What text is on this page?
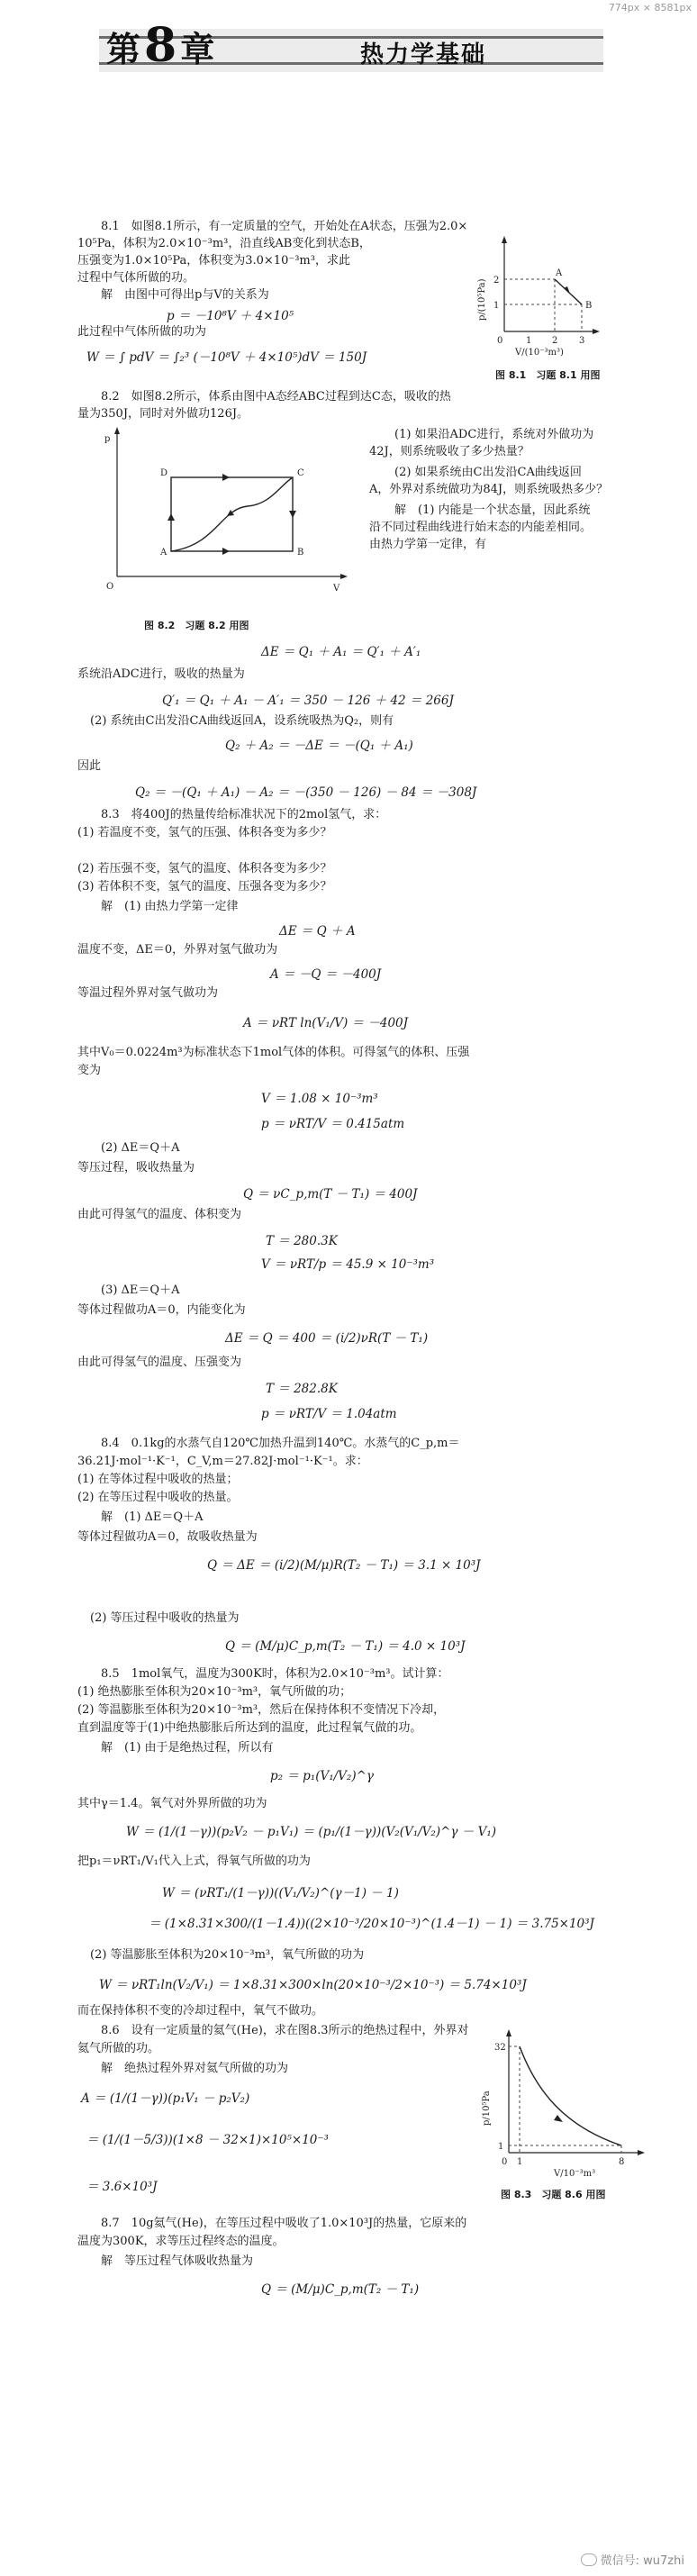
774px × 8581px
第8章	热力学基础
8.1　如图8.1所示，有一定质量的空气，开始处在A状态，压强为2.0×
10⁵Pa，体积为2.0×10⁻³m³，沿直线AB变化到状态B，
压强变为1.0×10⁵Pa，体积变为3.0×10⁻³m³，求此
过程中气体所做的功。
解　由图中可得出p与V的关系为
p ＝ －10⁸V ＋ 4×10⁵
此过程中气体所做的功为
W ＝ ∫ pdV ＝ ∫₂³ (－10⁸V ＋ 4×10⁵)dV ＝ 150J
A
B
2
1
0	1 2 3
V/(10⁻³m³)
p/(10⁵Pa)
图 8.1　习题 8.1 用图
8.2　如图8.2所示，体系由图中A态经ABC过程到达C态，吸收的热
量为350J，同时对外做功126J。
(1) 如果沿ADC进行，系统对外做功为
42J，则系统吸收了多少热量？
(2) 如果系统由C出发沿CA曲线返回
A，外界对系统做功为84J，则系统吸热多少？
解　(1) 内能是一个状态量，因此系统
沿不同过程曲线进行始末态的内能差相同。
由热力学第一定律，有
p
V
O
A	B
C
D
图 8.2　习题 8.2 用图
ΔE ＝ Q₁ ＋ A₁ ＝ Q′₁ ＋ A′₁
系统沿ADC进行，吸收的热量为
Q′₁ ＝ Q₁ ＋ A₁ － A′₁ ＝ 350 － 126 ＋ 42 ＝ 266J
(2) 系统由C出发沿CA曲线返回A，设系统吸热为Q₂，则有
Q₂ ＋ A₂ ＝ －ΔE ＝ －(Q₁ ＋ A₁)
因此
Q₂ ＝ －(Q₁ ＋ A₁) － A₂ ＝ －(350 － 126) － 84 ＝ －308J
8.3　将400J的热量传给标准状况下的2mol氢气，求：
(1) 若温度不变，氢气的压强、体积各变为多少？
(2) 若压强不变，氢气的温度、体积各变为多少？
(3) 若体积不变，氢气的温度、压强各变为多少？
解　(1) 由热力学第一定律
ΔE ＝ Q ＋ A
温度不变，ΔE＝0，外界对氢气做功为
A ＝ －Q ＝ －400J
等温过程外界对氢气做功为
A ＝ νRT ln(V₁/V) ＝ －400J
其中V₀＝0.0224m³为标准状态下1mol气体的体积。可得氢气的体积、压强
变为
V ＝ 1.08 × 10⁻³m³
p ＝ νRT/V ＝ 0.415atm
(2) ΔE＝Q＋A
等压过程，吸收热量为
Q ＝ νC_p,m(T － T₁) ＝ 400J
由此可得氢气的温度、体积变为
T ＝ 280.3K
V ＝ νRT/p ＝ 45.9 × 10⁻³m³
(3) ΔE＝Q＋A
等体过程做功A＝0，内能变化为
ΔE ＝ Q ＝ 400 ＝ (i/2)νR(T － T₁)
由此可得氢气的温度、压强变为
T ＝ 282.8K
p ＝ νRT/V ＝ 1.04atm
8.4　0.1kg的水蒸气自120℃加热升温到140℃。水蒸气的C_p,m＝
36.21J·mol⁻¹·K⁻¹，C_V,m＝27.82J·mol⁻¹·K⁻¹。求：
(1) 在等体过程中吸收的热量；
(2) 在等压过程中吸收的热量。
解　(1) ΔE＝Q＋A
等体过程做功A＝0，故吸收热量为
Q ＝ ΔE ＝ (i/2)(M/μ)R(T₂ － T₁) ＝ 3.1 × 10³J
(2) 等压过程中吸收的热量为
Q ＝ (M/μ)C_p,m(T₂ － T₁) ＝ 4.0 × 10³J
8.5　1mol氧气，温度为300K时，体积为2.0×10⁻³m³。试计算：
(1) 绝热膨胀至体积为20×10⁻³m³，氧气所做的功；
(2) 等温膨胀至体积为20×10⁻³m³，然后在保持体积不变情况下冷却，
直到温度等于(1)中绝热膨胀后所达到的温度，此过程氧气做的功。
解　(1) 由于是绝热过程，所以有
p₂ ＝ p₁(V₁/V₂)^γ
其中γ＝1.4。氧气对外界所做的功为
W ＝ (1/(1－γ))(p₂V₂ － p₁V₁) ＝ (p₁/(1－γ))(V₂(V₁/V₂)^γ － V₁)
把p₁＝νRT₁/V₁代入上式，得氧气所做的功为
W ＝ (νRT₁/(1－γ))((V₁/V₂)^(γ－1) － 1)
＝ (1×8.31×300/(1－1.4))((2×10⁻³/20×10⁻³)^(1.4－1) － 1) ＝ 3.75×10³J
(2) 等温膨胀至体积为20×10⁻³m³，氧气所做的功为
W ＝ νRT₁ln(V₂/V₁) ＝ 1×8.31×300×ln(20×10⁻³/2×10⁻³) ＝ 5.74×10³J
而在保持体积不变的冷却过程中，氧气不做功。
8.6　设有一定质量的氦气(He)，求在图8.3所示的绝热过程中，外界对
氦气所做的功。
解　绝热过程外界对氦气所做的功为
A ＝ (1/(1－γ))(p₁V₁ － p₂V₂)
＝ (1/(1－5/3))(1×8 － 32×1)×10⁵×10⁻³
＝ 3.6×10³J
32
1
0 1	8
V/10⁻³m³
p/10⁵Pa
图 8.3　习题 8.6 用图
8.7　10g氦气(He)，在等压过程中吸收了1.0×10³J的热量，它原来的
温度为300K，求等压过程终态的温度。
解　等压过程气体吸收热量为
Q ＝ (M/μ)C_p,m(T₂ － T₁)
微信号: wu7zhi
